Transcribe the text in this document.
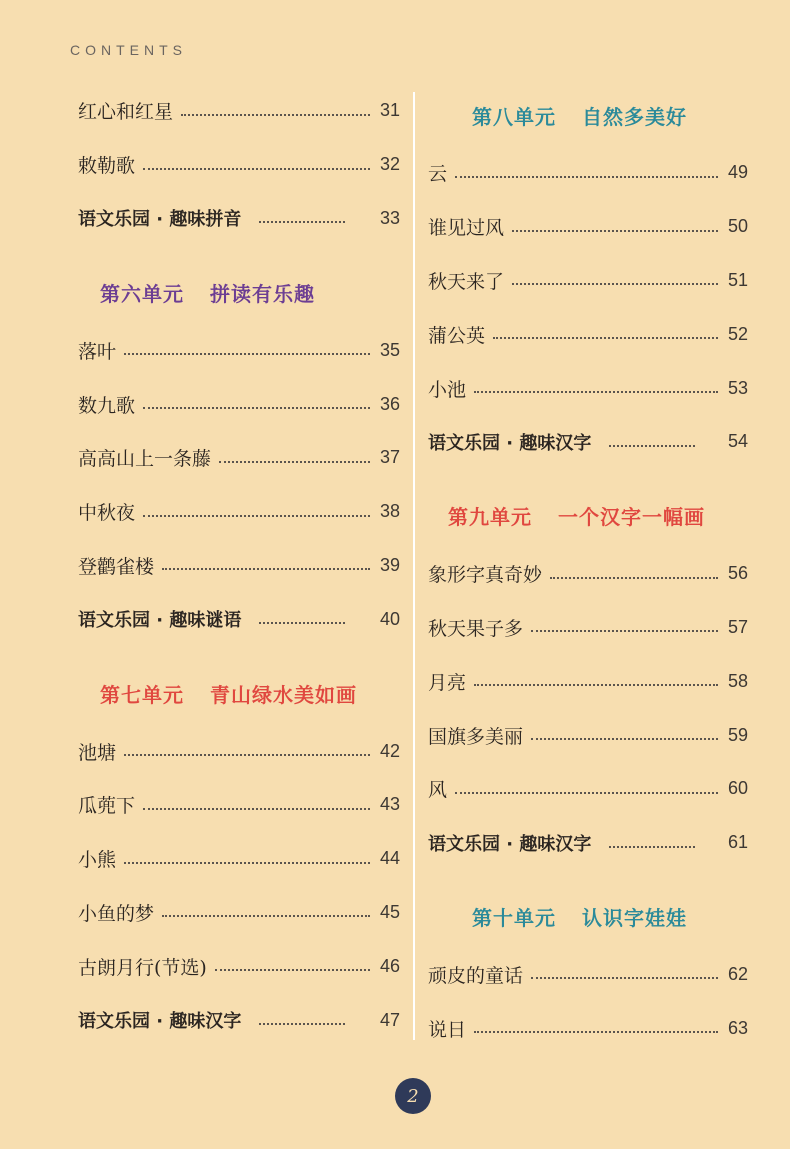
CONTENTS
红心和红星	31
敕勒歌	32
语文乐园 · 趣味拼音	33
第六单元 拼读有乐趣
落叶	35
数九歌	36
高高山上一条藤	37
中秋夜	38
登鹳雀楼	39
语文乐园 · 趣味谜语	40
第七单元 青山绿水美如画
池塘	42
瓜蔸下	43
小熊	44
小鱼的梦	45
古朗月行(节选)	46
语文乐园 · 趣味汉字	47
第八单元 自然多美好
云	49
谁见过风	50
秋天来了	51
蒲公英	52
小池	53
语文乐园 · 趣味汉字	54
第九单元 一个汉字一幅画
象形字真奇妙	56
秋天果子多	57
月亮	58
国旗多美丽	59
风	60
语文乐园 · 趣味汉字	61
第十单元 认识字娃娃
顽皮的童话	62
说日	63
2
